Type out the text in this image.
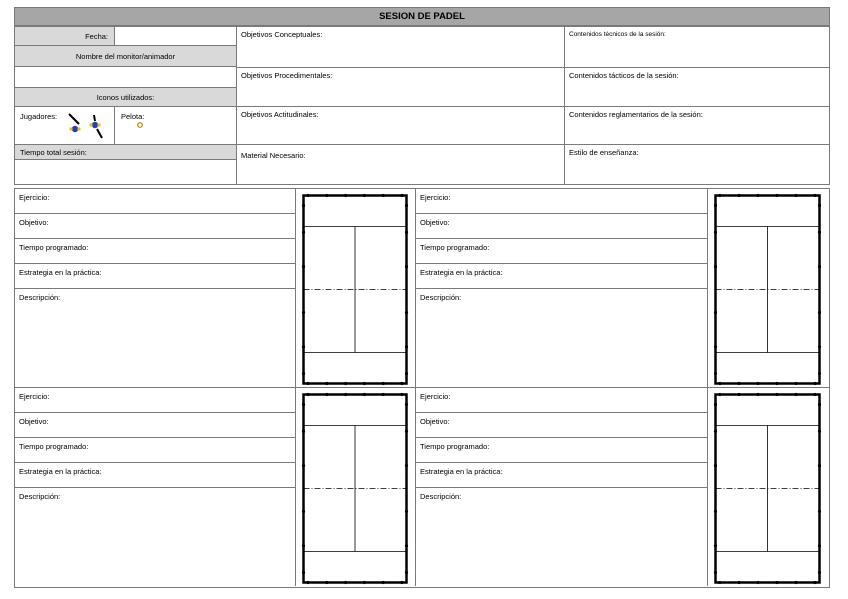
SESION DE PADEL
Fecha:
Nombre del monitor/animador
Iconos utilizados:
Jugadores:	Pelota:
Tiempo total sesión:
Objetivos Conceptuales:
Objetivos Procedimentales:
Objetivos Actitudinales:
Material Necesario:
Contenidos técnicos de la sesión:
Contenidos tácticos de la sesión:
Contenidos reglamentarios de la sesión:
Estilo de enseñanza:
Ejercicio:
Objetivo:
Tiempo programado:
Estrategia en la práctica:
Descripción:
Ejercicio:
Objetivo:
Tiempo programado:
Estrategia en la práctica:
Descripción:
Ejercicio:
Objetivo:
Tiempo programado:
Estrategia en la práctica:
Descripción:
Ejercicio:
Objetivo:
Tiempo programado:
Estrategia en la práctica:
Descripción:
